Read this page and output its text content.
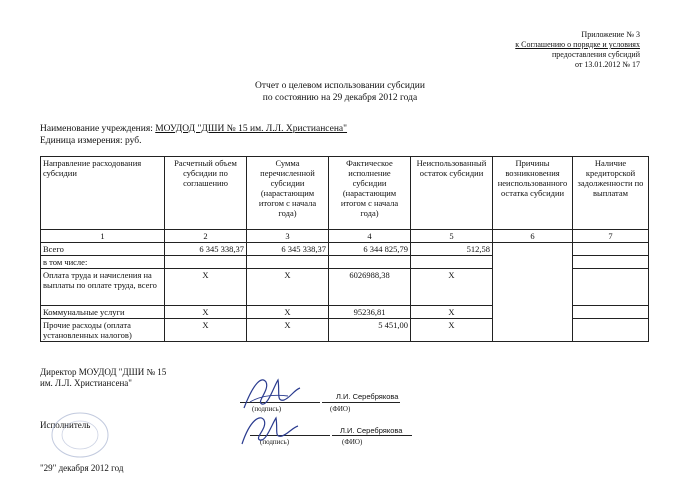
Приложение № 3
к Соглашению о порядке и условиях
предоставления субсидий
от 13.01.2012 № 17
Отчет о целевом использовании субсидии
по состоянию на 29 декабря 2012 года
Наименование учреждения: МОУДОД "ДШИ № 15 им. Л.Л. Христиансена"
Единица измерения: руб.
Направление расходования субсидии	Расчетный объем субсидии по соглашению	Сумма перечисленной субсидии (нарастающим итогом с начала года)	Фактическое исполнение субсидии (нарастающим итогом с начала года)	Неиспользованный остаток субсидии	Причины возникновения неиспользованного остатка субсидии	Наличие кредиторской задолженности по выплатам
1	2	3	4	5	6	7
Всего	6 345 338,37	6 345 338,37	6 344 825,79	512,58		
в том числе:						
Оплата труда и начисления на выплаты по оплате труда, всего	X	X	6026988,38	X		
Коммунальные услуги	X	X	95236,81	X		
Прочие расходы (оплата установленных налогов)	X	X	5 451,00	X		
Директор МОУДОД "ДШИ № 15 им. Л.Л. Христиансена"
Исполнитель
"29" декабря 2012 год
Л.И. Серебрякова
(подпись)	(ФИО)
Л.И. Серебрякова
(подпись)	(ФИО)
